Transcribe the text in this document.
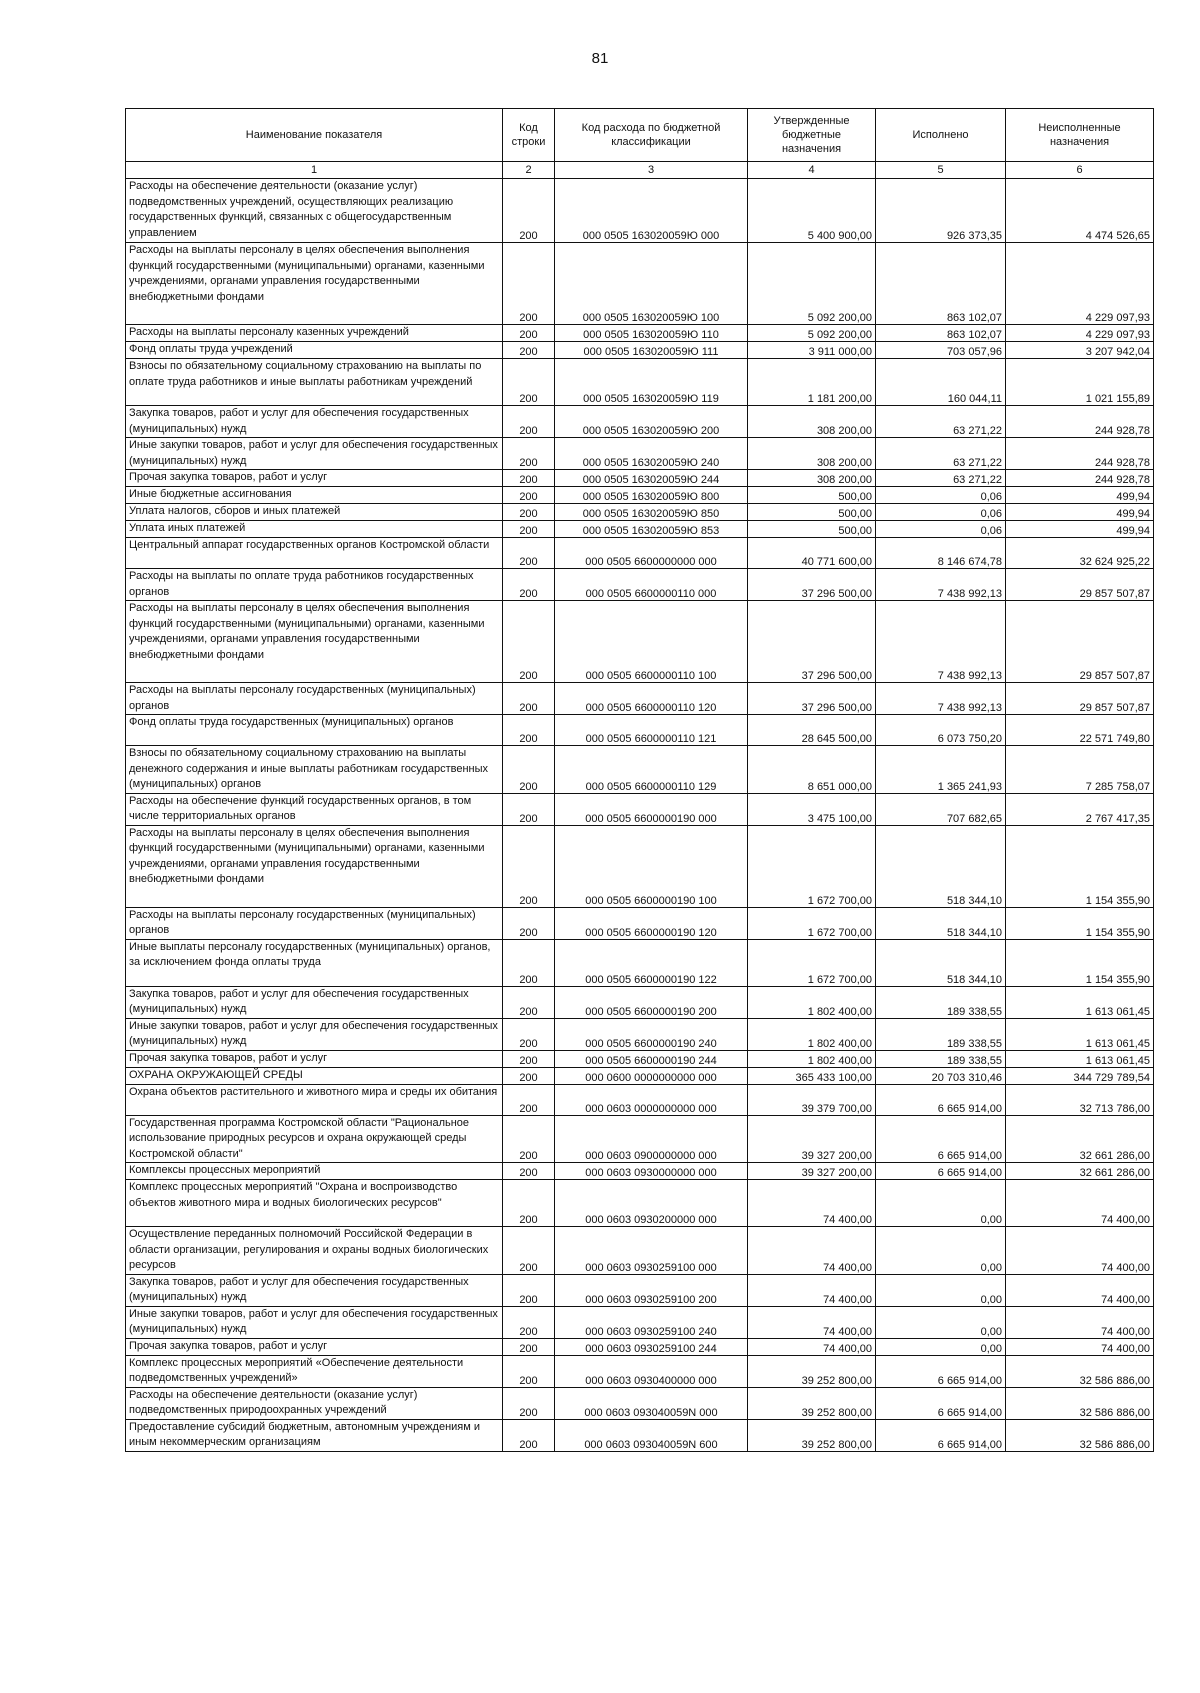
81
Наименование показателя	Код строки	Код расхода по бюджетной классификации	Утвержденные бюджетные назначения	Исполнено	Неисполненные назначения
1	2	3	4	5	6
Расходы на обеспечение деятельности (оказание услуг) подведомственных учреждений, осуществляющих реализацию государственных функций, связанных с общегосударственным управлением	200	000 0505 163020059Ю 000	5 400 900,00	926 373,35	4 474 526,65
Расходы на выплаты персоналу в целях обеспечения выполнения функций государственными (муниципальными) органами, казенными учреждениями, органами управления государственными внебюджетными фондами	200	000 0505 163020059Ю 100	5 092 200,00	863 102,07	4 229 097,93
Расходы на выплаты персоналу казенных учреждений	200	000 0505 163020059Ю 110	5 092 200,00	863 102,07	4 229 097,93
Фонд оплаты труда учреждений	200	000 0505 163020059Ю 111	3 911 000,00	703 057,96	3 207 942,04
Взносы по обязательному социальному страхованию на выплаты по оплате труда работников и иные выплаты работникам учреждений	200	000 0505 163020059Ю 119	1 181 200,00	160 044,11	1 021 155,89
Закупка товаров, работ и услуг для обеспечения государственных (муниципальных) нужд	200	000 0505 163020059Ю 200	308 200,00	63 271,22	244 928,78
Иные закупки товаров, работ и услуг для обеспечения государственных (муниципальных) нужд	200	000 0505 163020059Ю 240	308 200,00	63 271,22	244 928,78
Прочая закупка товаров, работ и услуг	200	000 0505 163020059Ю 244	308 200,00	63 271,22	244 928,78
Иные бюджетные ассигнования	200	000 0505 163020059Ю 800	500,00	0,06	499,94
Уплата налогов, сборов и иных платежей	200	000 0505 163020059Ю 850	500,00	0,06	499,94
Уплата иных платежей	200	000 0505 163020059Ю 853	500,00	0,06	499,94
Центральный аппарат государственных органов Костромской области	200	000 0505 6600000000 000	40 771 600,00	8 146 674,78	32 624 925,22
Расходы на выплаты по оплате труда работников государственных органов	200	000 0505 6600000110 000	37 296 500,00	7 438 992,13	29 857 507,87
Расходы на выплаты персоналу в целях обеспечения выполнения функций государственными (муниципальными) органами, казенными учреждениями, органами управления государственными внебюджетными фондами	200	000 0505 6600000110 100	37 296 500,00	7 438 992,13	29 857 507,87
Расходы на выплаты персоналу государственных (муниципальных) органов	200	000 0505 6600000110 120	37 296 500,00	7 438 992,13	29 857 507,87
Фонд оплаты труда государственных (муниципальных) органов	200	000 0505 6600000110 121	28 645 500,00	6 073 750,20	22 571 749,80
Взносы по обязательному социальному страхованию на выплаты денежного содержания и иные выплаты работникам государственных (муниципальных) органов	200	000 0505 6600000110 129	8 651 000,00	1 365 241,93	7 285 758,07
Расходы на обеспечение функций государственных органов, в том числе территориальных органов	200	000 0505 6600000190 000	3 475 100,00	707 682,65	2 767 417,35
Расходы на выплаты персоналу в целях обеспечения выполнения функций государственными (муниципальными) органами, казенными учреждениями, органами управления государственными внебюджетными фондами	200	000 0505 6600000190 100	1 672 700,00	518 344,10	1 154 355,90
Расходы на выплаты персоналу государственных (муниципальных) органов	200	000 0505 6600000190 120	1 672 700,00	518 344,10	1 154 355,90
Иные выплаты персоналу государственных (муниципальных) органов, за исключением фонда оплаты труда	200	000 0505 6600000190 122	1 672 700,00	518 344,10	1 154 355,90
Закупка товаров, работ и услуг для обеспечения государственных (муниципальных) нужд	200	000 0505 6600000190 200	1 802 400,00	189 338,55	1 613 061,45
Иные закупки товаров, работ и услуг для обеспечения государственных (муниципальных) нужд	200	000 0505 6600000190 240	1 802 400,00	189 338,55	1 613 061,45
Прочая закупка товаров, работ и услуг	200	000 0505 6600000190 244	1 802 400,00	189 338,55	1 613 061,45
ОХРАНА ОКРУЖАЮЩЕЙ СРЕДЫ	200	000 0600 0000000000 000	365 433 100,00	20 703 310,46	344 729 789,54
Охрана объектов растительного и животного мира и среды их обитания	200	000 0603 0000000000 000	39 379 700,00	6 665 914,00	32 713 786,00
Государственная программа Костромской области "Рациональное использование природных ресурсов и охрана окружающей среды Костромской области"	200	000 0603 0900000000 000	39 327 200,00	6 665 914,00	32 661 286,00
Комплексы процессных мероприятий	200	000 0603 0930000000 000	39 327 200,00	6 665 914,00	32 661 286,00
Комплекс процессных мероприятий "Охрана и воспроизводство объектов животного мира и водных биологических ресурсов"	200	000 0603 0930200000 000	74 400,00	0,00	74 400,00
Осуществление переданных полномочий Российской Федерации в области организации, регулирования и охраны водных биологических ресурсов	200	000 0603 0930259100 000	74 400,00	0,00	74 400,00
Закупка товаров, работ и услуг для обеспечения государственных (муниципальных) нужд	200	000 0603 0930259100 200	74 400,00	0,00	74 400,00
Иные закупки товаров, работ и услуг для обеспечения государственных (муниципальных) нужд	200	000 0603 0930259100 240	74 400,00	0,00	74 400,00
Прочая закупка товаров, работ и услуг	200	000 0603 0930259100 244	74 400,00	0,00	74 400,00
Комплекс процессных мероприятий «Обеспечение деятельности подведомственных учреждений»	200	000 0603 0930400000 000	39 252 800,00	6 665 914,00	32 586 886,00
Расходы на обеспечение деятельности (оказание услуг) подведомственных природоохранных учреждений	200	000 0603 093040059N 000	39 252 800,00	6 665 914,00	32 586 886,00
Предоставление субсидий бюджетным, автономным учреждениям и иным некоммерческим организациям	200	000 0603 093040059N 600	39 252 800,00	6 665 914,00	32 586 886,00
